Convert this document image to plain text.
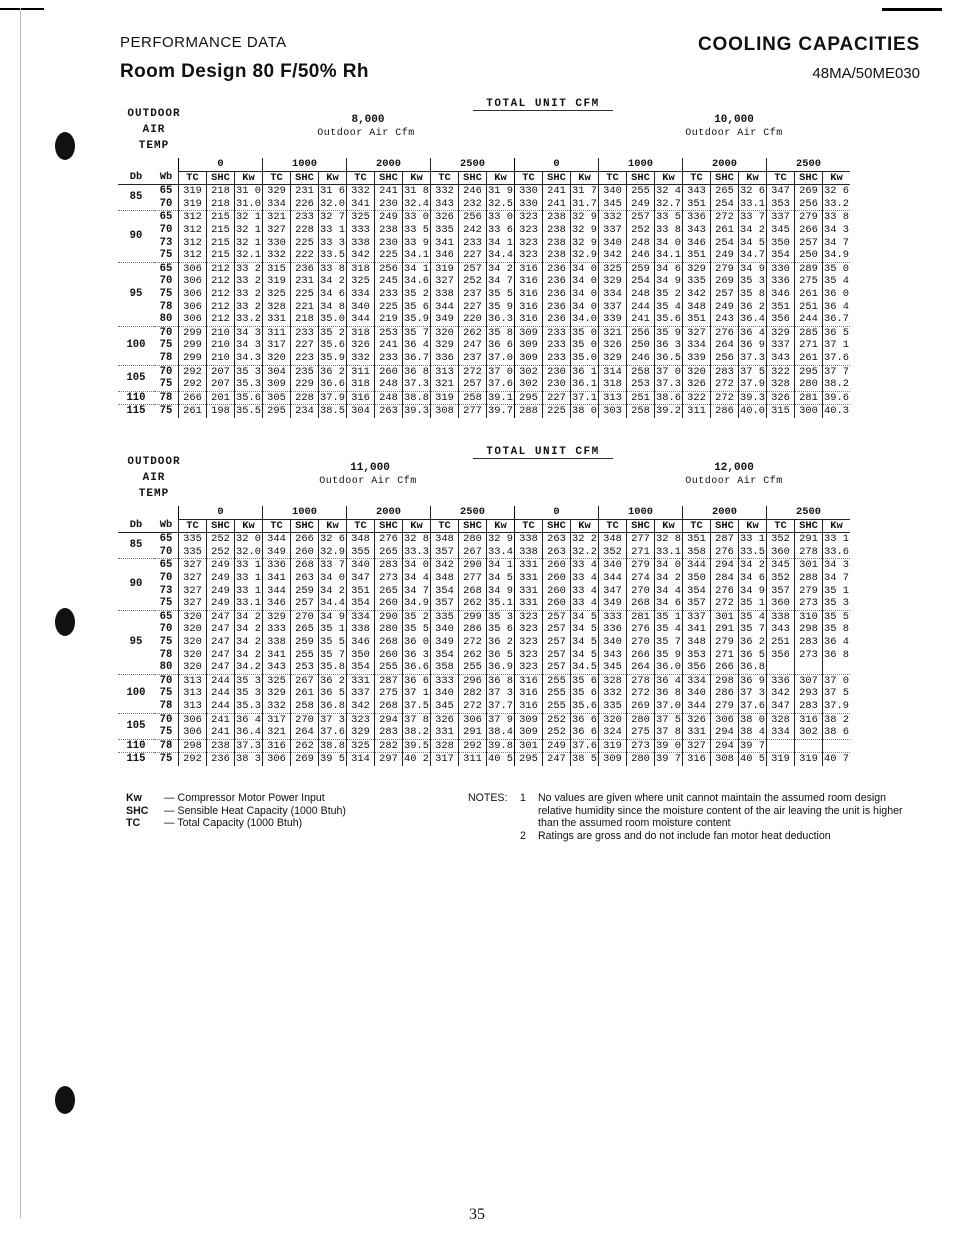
PERFORMANCE DATA	COOLING CAPACITIES
Room Design 80 F/50% Rh	48MA/50ME030
OUTDOOR
AIR
TEMP
TOTAL UNIT CFM
8,000	10,000
Outdoor Air Cfm	Outdoor Air Cfm
		0			1000			2000			2500			0			1000			2000			2500		
Db	Wb	TC	SHC	Kw	TC	SHC	Kw	TC	SHC	Kw	TC	SHC	Kw	TC	SHC	Kw	TC	SHC	Kw	TC	SHC	Kw	TC	SHC	Kw
85	65	319	218	31 0	329	231	31 6	332	241	31 8	332	246	31 9	330	241	31 7	340	255	32 4	343	265	32 6	347	269	32 6
	70	319	218	31.0	334	226	32.0	341	230	32.4	343	232	32.5	330	241	31.7	345	249	32.7	351	254	33.1	353	256	33.2
90	65	312	215	32 1	321	233	32 7	325	249	33 0	326	256	33 0	323	238	32 9	332	257	33 5	336	272	33 7	337	279	33 8
	70	312	215	32 1	327	228	33 1	333	238	33 5	335	242	33 6	323	238	32 9	337	252	33 8	343	261	34 2	345	266	34 3
	73	312	215	32 1	330	225	33 3	338	230	33 9	341	233	34 1	323	238	32 9	340	248	34 0	346	254	34 5	350	257	34 7
	75	312	215	32.1	332	222	33.5	342	225	34.1	346	227	34.4	323	238	32.9	342	246	34.1	351	249	34.7	354	250	34.9
95	65	306	212	33 2	315	236	33 8	318	256	34 1	319	257	34 2	316	236	34 0	325	259	34 6	329	279	34 9	330	289	35 0
	70	306	212	33 2	319	231	34 2	325	245	34.6	327	252	34 7	316	236	34 0	329	254	34 9	335	269	35 3	336	275	35 4
	75	306	212	33 2	325	225	34 6	334	233	35 2	338	237	35 5	316	236	34 0	334	248	35 2	342	257	35 8	346	261	36 0
	78	306	212	33 2	328	221	34 8	340	225	35 6	344	227	35 9	316	236	34 0	337	244	35 4	348	249	36 2	351	251	36 4
	80	306	212	33.2	331	218	35.0	344	219	35.9	349	220	36.3	316	236	34.0	339	241	35.6	351	243	36.4	356	244	36.7
100	70	299	210	34 3	311	233	35 2	318	253	35 7	320	262	35 8	309	233	35 0	321	256	35 9	327	276	36 4	329	285	36 5
	75	299	210	34 3	317	227	35.6	326	241	36 4	329	247	36 6	309	233	35 0	326	250	36 3	334	264	36 9	337	271	37 1
	78	299	210	34.3	320	223	35.9	332	233	36.7	336	237	37.0	309	233	35.0	329	246	36.5	339	256	37.3	343	261	37.6
105	70	292	207	35 3	304	235	36 2	311	260	36 8	313	272	37 0	302	230	36 1	314	258	37 0	320	283	37 5	322	295	37 7
	75	292	207	35.3	309	229	36.6	318	248	37.3	321	257	37.6	302	230	36.1	318	253	37.3	326	272	37.9	328	280	38.2
110	78	266	201	35.6	305	228	37.9	316	248	38.8	319	258	39.1	295	227	37.1	313	251	38.6	322	272	39.3	326	281	39.6
115	75	261	198	35.5	295	234	38.5	304	263	39.3	308	277	39.7	288	225	38 0	303	258	39.2	311	286	40.0	315	300	40.3
OUTDOOR
AIR
TEMP
TOTAL UNIT CFM
11,000	12,000
Outdoor Air Cfm	Outdoor Air Cfm
		0			1000			2000			2500			0			1000			2000			2500		
Db	Wb	TC	SHC	Kw	TC	SHC	Kw	TC	SHC	Kw	TC	SHC	Kw	TC	SHC	Kw	TC	SHC	Kw	TC	SHC	Kw	TC	SHC	Kw
85	65	335	252	32 0	344	266	32 6	348	276	32 8	348	280	32 9	338	263	32 2	348	277	32 8	351	287	33 1	352	291	33 1
	70	335	252	32.0	349	260	32.9	355	265	33.3	357	267	33.4	338	263	32.2	352	271	33.1	358	276	33.5	360	278	33.6
90	65	327	249	33 1	336	268	33 7	340	283	34 0	342	290	34 1	331	260	33 4	340	279	34 0	344	294	34 2	345	301	34 3
	70	327	249	33 1	341	263	34 0	347	273	34 4	348	277	34 5	331	260	33 4	344	274	34 2	350	284	34 6	352	288	34 7
	73	327	249	33 1	344	259	34 2	351	265	34 7	354	268	34 9	331	260	33 4	347	270	34 4	354	276	34 9	357	279	35 1
	75	327	249	33.1	346	257	34.4	354	260	34.9	357	262	35.1	331	260	33 4	349	268	34 6	357	272	35 1	360	273	35 3
95	65	320	247	34 2	329	270	34 9	334	290	35 2	335	299	35 3	323	257	34 5	333	281	35 1	337	301	35 4	338	310	35 5
	70	320	247	34 2	333	265	35 1	338	280	35 5	340	286	35 6	323	257	34 5	336	276	35 4	341	291	35 7	343	298	35 8
	75	320	247	34 2	338	259	35 5	346	268	36 0	349	272	36 2	323	257	34 5	340	270	35 7	348	279	36 2	251	283	36 4
	78	320	247	34 2	341	255	35 7	350	260	36 3	354	262	36 5	323	257	34 5	343	266	35 9	353	271	36 5	356	273	36 8
	80	320	247	34.2	343	253	35.8	354	255	36.6	358	255	36.9	323	257	34.5	345	264	36.0	356	266	36.8			
100	70	313	244	35 3	325	267	36 2	331	287	36 6	333	296	36 8	316	255	35 6	328	278	36 4	334	298	36 9	336	307	37 0
	75	313	244	35 3	329	261	36 5	337	275	37 1	340	282	37 3	316	255	35 6	332	272	36 8	340	286	37 3	342	293	37 5
	78	313	244	35.3	332	258	36.8	342	268	37.5	345	272	37.7	316	255	35.6	335	269	37.0	344	279	37.6	347	283	37.9
105	70	306	241	36 4	317	270	37 3	323	294	37 8	326	306	37 9	309	252	36 6	320	280	37 5	326	306	38 0	328	316	38 2
	75	306	241	36.4	321	264	37.6	329	283	38.2	331	291	38.4	309	252	36 6	324	275	37 8	331	294	38 4	334	302	38 6
110	78	298	238	37.3	316	262	38.8	325	282	39.5	328	292	39.8	301	249	37.6	319	273	39 0	327	294	39 7			
115	75	292	236	38 3	306	269	39 5	314	297	40 2	317	311	40 5	295	247	38 5	309	280	39 7	316	308	40 5	319	319	40 7
Kw — Compressor Motor Power Input
SHC — Sensible Heat Capacity (1000 Btuh)
TC — Total Capacity (1000 Btuh)
NOTES:	1	No values are given where unit cannot maintain the assumed room design relative humidity since the moisture content of the air leaving the unit is higher than the assumed room moisture content
2	Ratings are gross and do not include fan motor heat deduction
35
